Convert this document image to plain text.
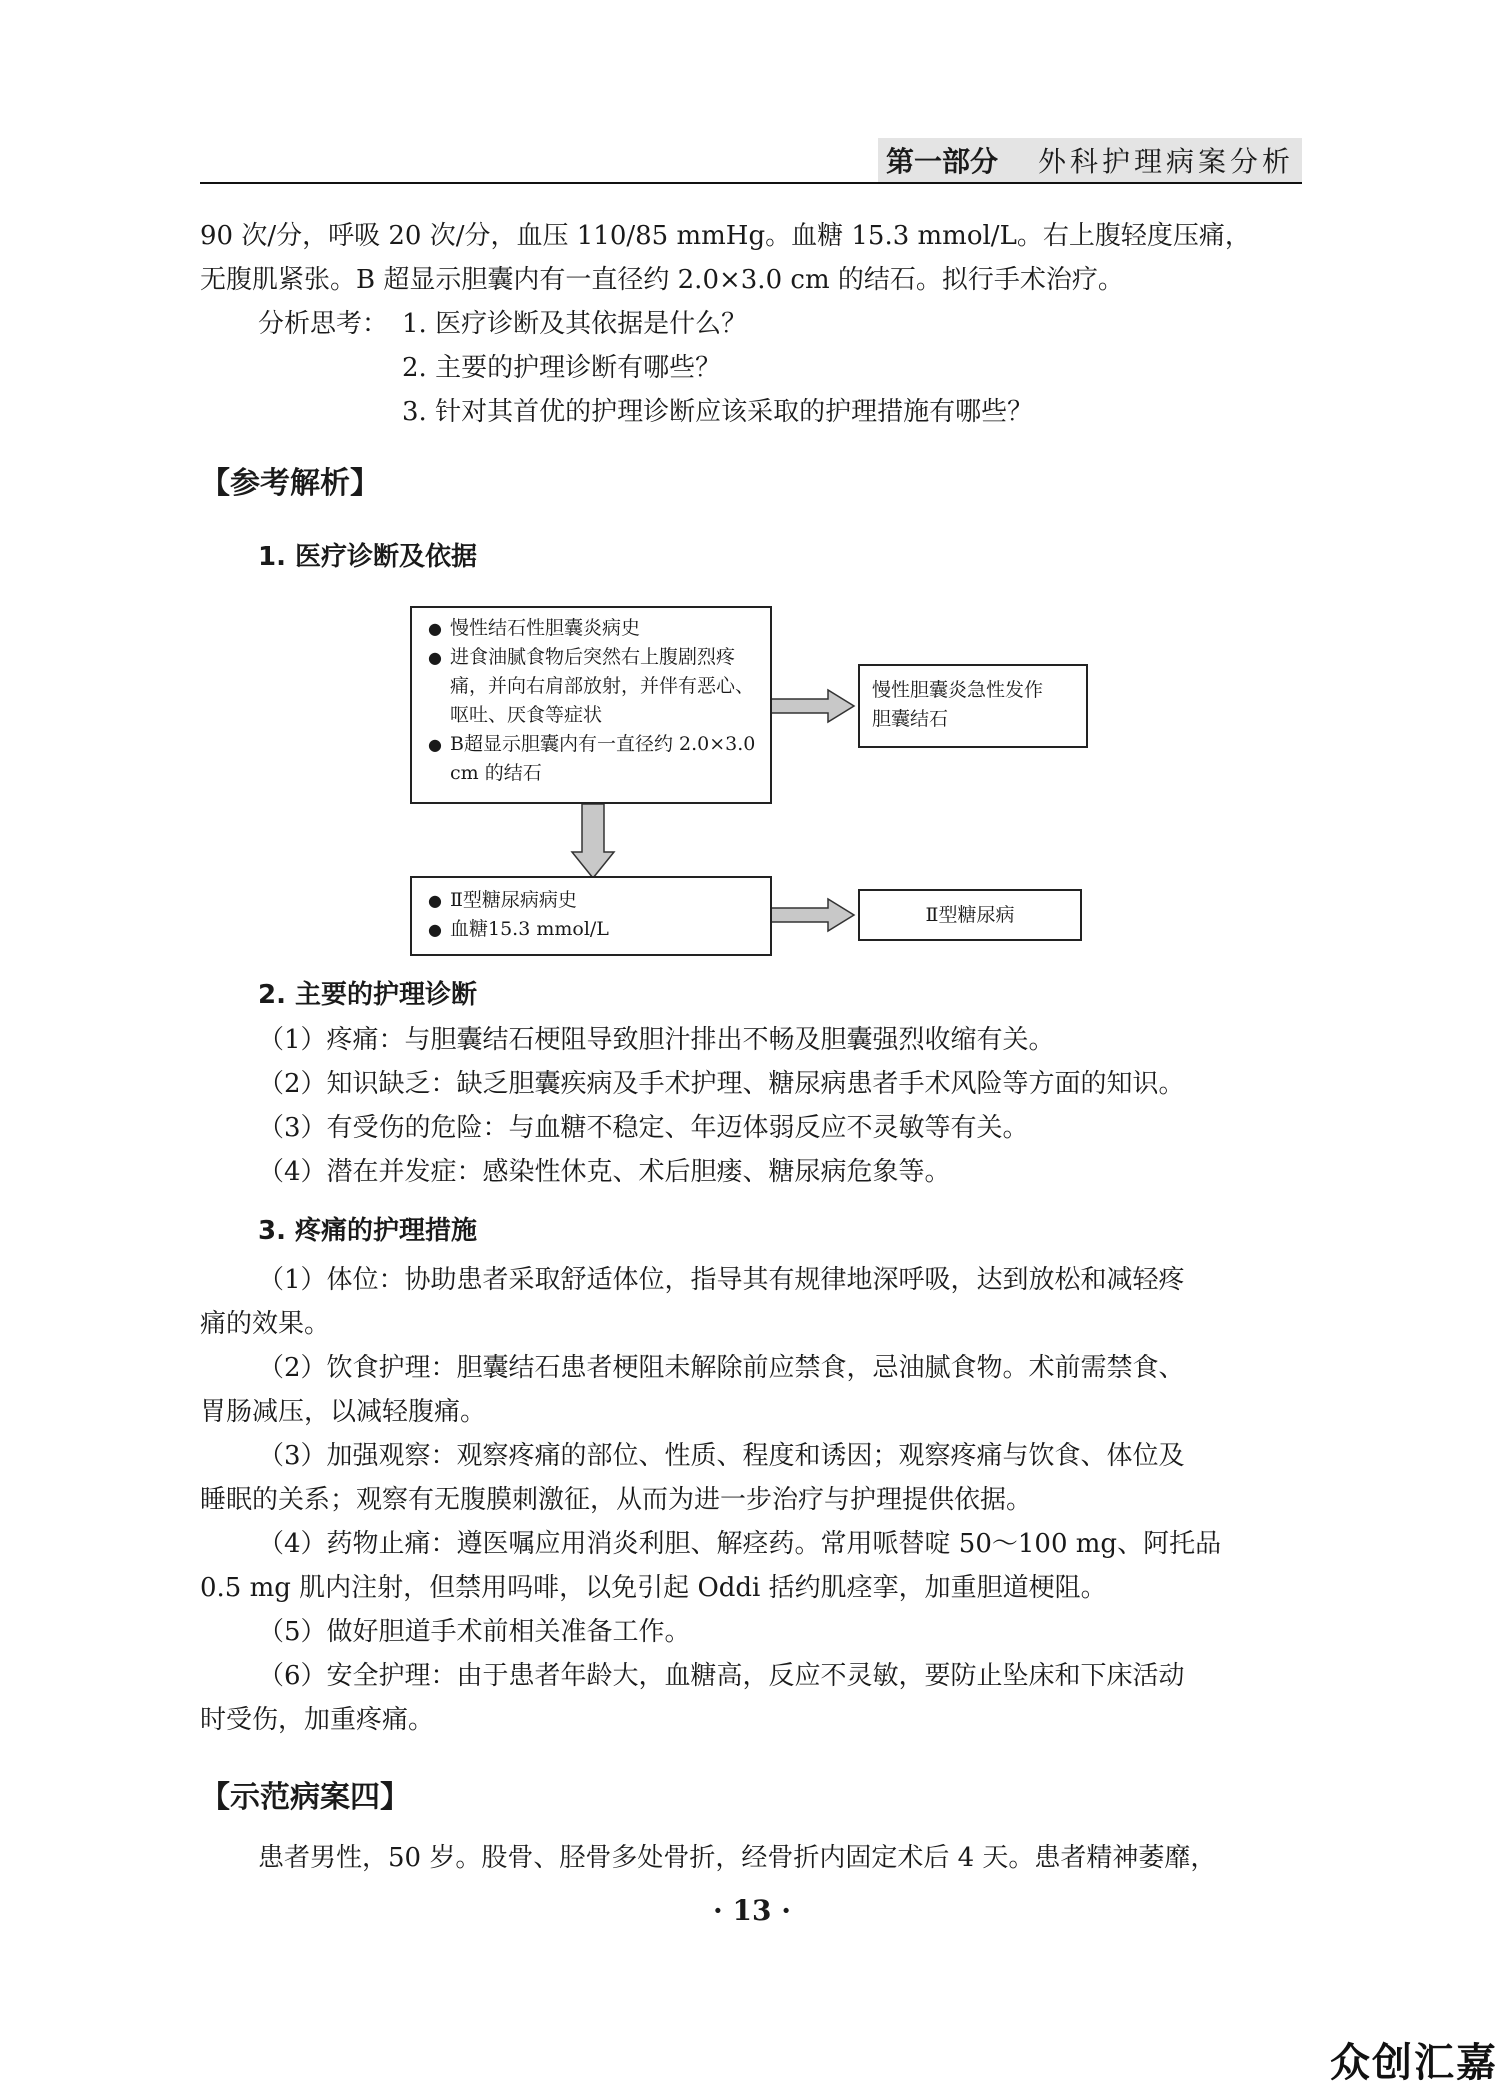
第一部分 外科护理病案分析
90 次/分，呼吸 20 次/分，血压 110/85 mmHg。血糖 15.3 mmol/L。右上腹轻度压痛，
无腹肌紧张。B 超显示胆囊内有一直径约 2.0×3.0 cm 的结石。拟行手术治疗。
分析思考： 1. 医疗诊断及其依据是什么？
2. 主要的护理诊断有哪些？
3. 针对其首优的护理诊断应该采取的护理措施有哪些？
【参考解析】
1. 医疗诊断及依据
● 慢性结石性胆囊炎病史
● 进食油腻食物后突然右上腹剧烈疼痛，并向右肩部放射，并伴有恶心、呕吐、厌食等症状
● B超显示胆囊内有一直径约 2.0×3.0 cm 的结石
慢性胆囊炎急性发作
胆囊结石
● Ⅱ型糖尿病病史
● 血糖15.3 mmol/L
Ⅱ型糖尿病
2. 主要的护理诊断
（1）疼痛：与胆囊结石梗阻导致胆汁排出不畅及胆囊强烈收缩有关。
（2）知识缺乏：缺乏胆囊疾病及手术护理、糖尿病患者手术风险等方面的知识。
（3）有受伤的危险：与血糖不稳定、年迈体弱反应不灵敏等有关。
（4）潜在并发症：感染性休克、术后胆瘘、糖尿病危象等。
3. 疼痛的护理措施
（1）体位：协助患者采取舒适体位，指导其有规律地深呼吸，达到放松和减轻疼
痛的效果。
（2）饮食护理：胆囊结石患者梗阻未解除前应禁食，忌油腻食物。术前需禁食、
胃肠减压，以减轻腹痛。
（3）加强观察：观察疼痛的部位、性质、程度和诱因；观察疼痛与饮食、体位及
睡眠的关系；观察有无腹膜刺激征，从而为进一步治疗与护理提供依据。
（4）药物止痛：遵医嘱应用消炎利胆、解痉药。常用哌替啶 50～100 mg、阿托品
0.5 mg 肌内注射，但禁用吗啡，以免引起 Oddi 括约肌痉挛，加重胆道梗阻。
（5）做好胆道手术前相关准备工作。
（6）安全护理：由于患者年龄大，血糖高，反应不灵敏，要防止坠床和下床活动
时受伤，加重疼痛。
【示范病案四】
患者男性，50 岁。股骨、胫骨多处骨折，经骨折内固定术后 4 天。患者精神萎靡，
· 13 ·
众创汇嘉
